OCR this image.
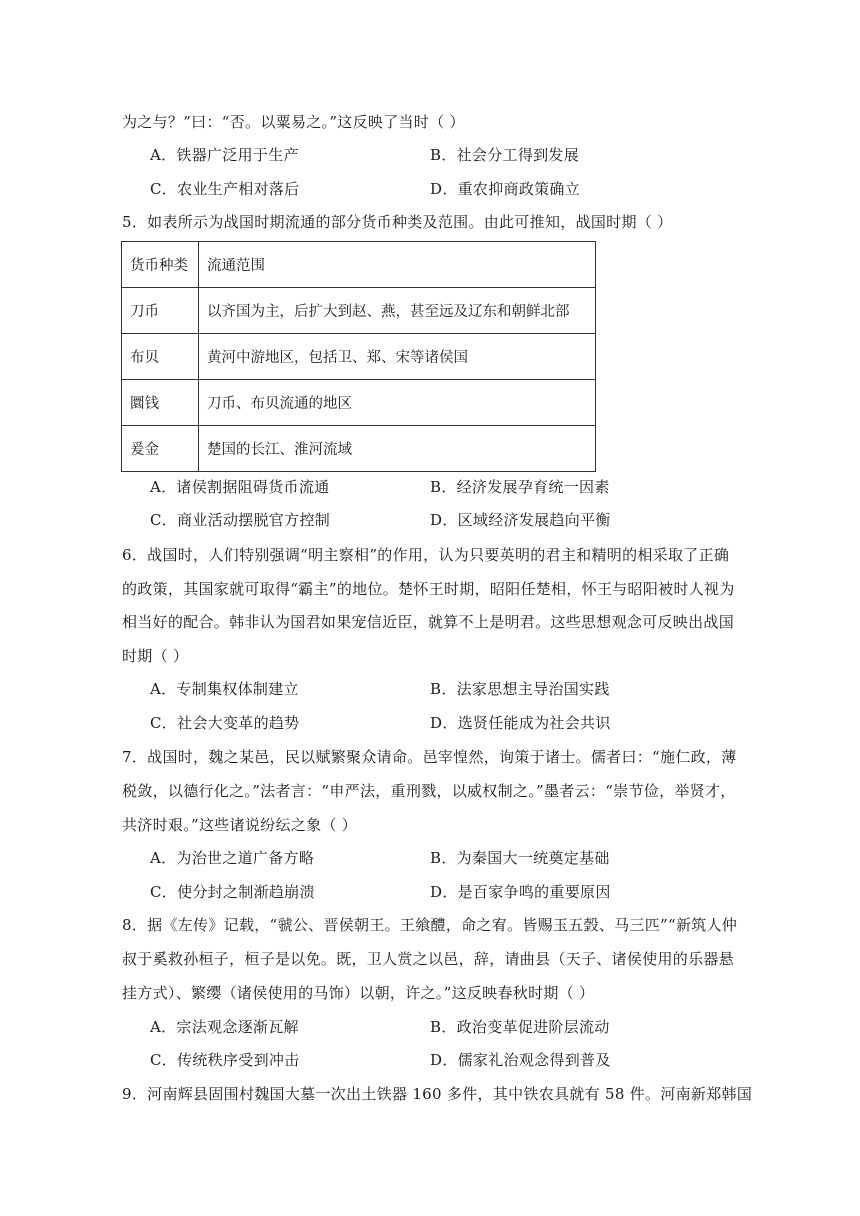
为之与？”曰：“否。以粟易之。”这反映了当时（ ）
A．铁器广泛用于生产	B．社会分工得到发展
C．农业生产相对落后	D．重农抑商政策确立
5．如表所示为战国时期流通的部分货币种类及范围。由此可推知，战国时期（ ）
货币种类	流通范围
刀币	以齐国为主，后扩大到赵、燕，甚至远及辽东和朝鲜北部
布贝	黄河中游地区，包括卫、郑、宋等诸侯国
圜钱	刀币、布贝流通的地区
爰金	楚国的长江、淮河流域
A．诸侯割据阻碍货币流通	B．经济发展孕育统一因素
C．商业活动摆脱官方控制	D．区域经济发展趋向平衡
6．战国时，人们特别强调“明主察相”的作用，认为只要英明的君主和精明的相采取了正确
的政策，其国家就可取得“霸主”的地位。楚怀王时期，昭阳任楚相，怀王与昭阳被时人视为
相当好的配合。韩非认为国君如果宠信近臣，就算不上是明君。这些思想观念可反映出战国
时期（ ）
A．专制集权体制建立	B．法家思想主导治国实践
C．社会大变革的趋势	D．选贤任能成为社会共识
7．战国时，魏之某邑，民以赋繁聚众请命。邑宰惶然，询策于诸士。儒者曰：“施仁政，薄
税敛，以德行化之。”法者言：“申严法，重刑戮，以威权制之。”墨者云：“崇节俭，举贤才，
共济时艰。”这些诸说纷纭之象（ ）
A．为治世之道广备方略	B．为秦国大一统奠定基础
C．使分封之制渐趋崩溃	D．是百家争鸣的重要原因
8．据《左传》记载，“虢公、晋侯朝王。王飨醴，命之宥。皆赐玉五瑴、马三匹”“新筑人仲
叔于奚救孙桓子，桓子是以免。既，卫人赏之以邑，辞，请曲县（天子、诸侯使用的乐器悬
挂方式）、繁缨（诸侯使用的马饰）以朝，许之。”这反映春秋时期（ ）
A．宗法观念逐渐瓦解	B．政治变革促进阶层流动
C．传统秩序受到冲击	D．儒家礼治观念得到普及
9．河南辉县固围村魏国大墓一次出土铁器 160 多件，其中铁农具就有 58 件。河南新郑韩国
